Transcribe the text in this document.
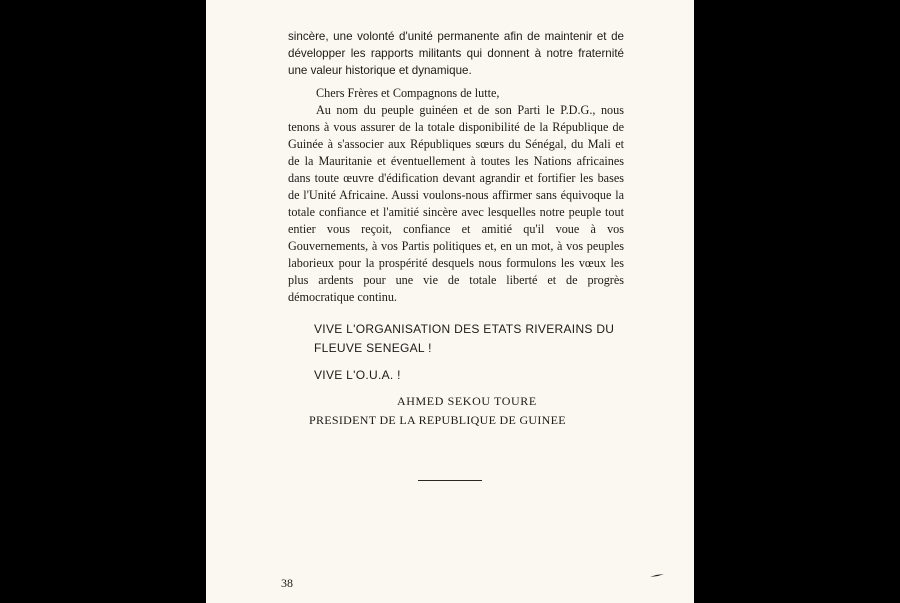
sincère, une volonté d'unité permanente afin de maintenir et de développer les rapports militants qui donnent à notre fraternité une valeur historique et dynamique.
Chers Frères et Compagnons de lutte,
Au nom du peuple guinéen et de son Parti le P.D.G., nous tenons à vous assurer de la totale disponibilité de la République de Guinée à s'associer aux Républiques sœurs du Sénégal, du Mali et de la Mauritanie et éventuellement à toutes les Nations africaines dans toute œuvre d'édification devant agrandir et fortifier les bases de l'Unité Africaine. Aussi voulons-nous affirmer sans équivoque la totale confiance et l'amitié sincère avec lesquelles notre peuple tout entier vous reçoit, confiance et amitié qu'il voue à vos Gouvernements, à vos Partis politiques et, en un mot, à vos peuples laborieux pour la prospérité desquels nous formulons les vœux les plus ardents pour une vie de totale liberté et de progrès démocratique continu.
VIVE L'ORGANISATION DES ETATS RIVERAINS DU FLEUVE SENEGAL !
VIVE L'O.U.A. !
AHMED SEKOU TOURE
PRESIDENT DE LA REPUBLIQUE DE GUINEE
38
